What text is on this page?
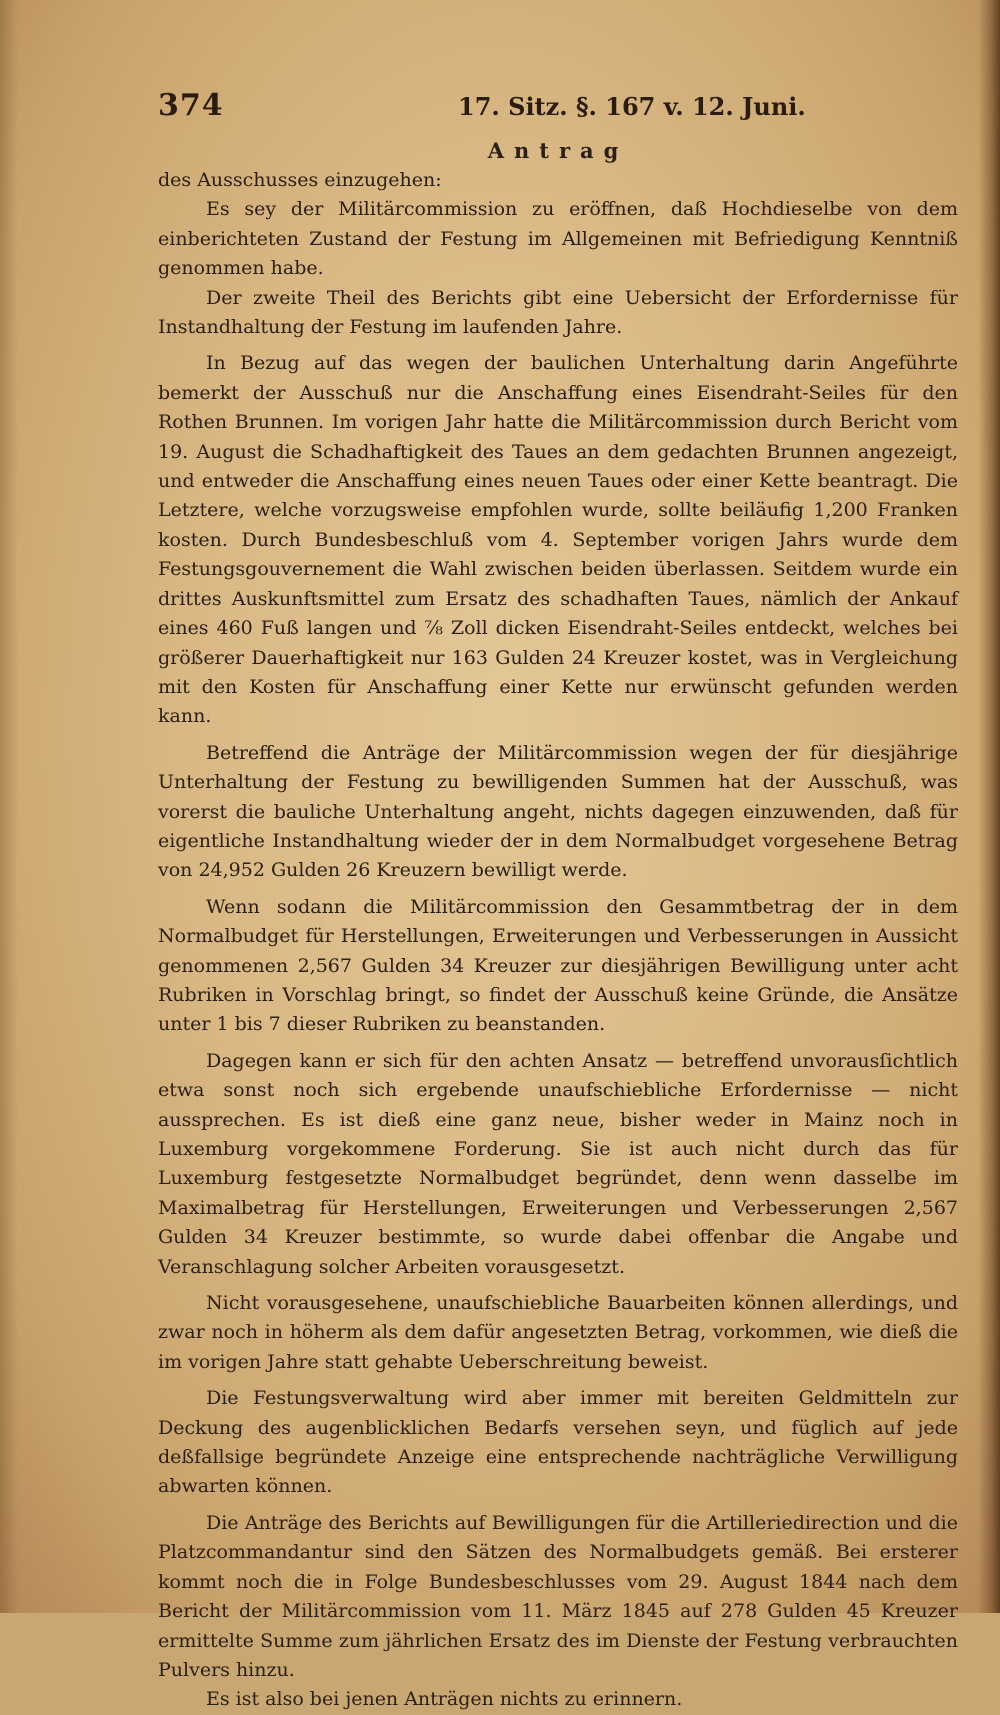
374	17. Sitz. §. 167 v. 12. Juni.
Antrag

des Ausschusses einzugehen:

Es sey der Militärcommission zu eröffnen, daß Hochdieselbe von dem einberichteten Zustand der Festung im Allgemeinen mit Befriedigung Kenntniß genommen habe.

Der zweite Theil des Berichts gibt eine Uebersicht der Erfordernisse für Instandhaltung der Festung im laufenden Jahre.

In Bezug auf das wegen der baulichen Unterhaltung darin Angeführte bemerkt der Ausschuß nur die Anschaffung eines Eisendraht-Seiles für den Rothen Brunnen. Im vorigen Jahr hatte die Militärcommission durch Bericht vom 19. August die Schadhaftigkeit des Taues an dem gedachten Brunnen angezeigt, und entweder die Anschaffung eines neuen Taues oder einer Kette beantragt. Die Letztere, welche vorzugsweise empfohlen wurde, sollte beiläufig 1,200 Franken kosten. Durch Bundesbeschluß vom 4. September vorigen Jahrs wurde dem Festungsgouvernement die Wahl zwischen beiden überlassen. Seitdem wurde ein drittes Auskunftsmittel zum Ersatz des schadhaften Taues, nämlich der Ankauf eines 460 Fuß langen und ⅞ Zoll dicken Eisendraht-Seiles entdeckt, welches bei größerer Dauerhaftigkeit nur 163 Gulden 24 Kreuzer kostet, was in Vergleichung mit den Kosten für Anschaffung einer Kette nur erwünscht gefunden werden kann.

Betreffend die Anträge der Militärcommission wegen der für diesjährige Unterhaltung der Festung zu bewilligenden Summen hat der Ausschuß, was vorerst die bauliche Unterhaltung angeht, nichts dagegen einzuwenden, daß für eigentliche Instandhaltung wieder der in dem Normalbudget vorgesehene Betrag von 24,952 Gulden 26 Kreuzern bewilligt werde.

Wenn sodann die Militärcommission den Gesammtbetrag der in dem Normalbudget für Herstellungen, Erweiterungen und Verbesserungen in Aussicht genommenen 2,567 Gulden 34 Kreuzer zur diesjährigen Bewilligung unter acht Rubriken in Vorschlag bringt, so findet der Ausschuß keine Gründe, die Ansätze unter 1 bis 7 dieser Rubriken zu beanstanden.

Dagegen kann er sich für den achten Ansatz — betreffend unvorausſichtlich etwa sonst noch sich ergebende unaufschiebliche Erfordernisse — nicht aussprechen. Es ist dieß eine ganz neue, bisher weder in Mainz noch in Luxemburg vorgekommene Forderung. Sie ist auch nicht durch das für Luxemburg festgesetzte Normalbudget begründet, denn wenn dasselbe im Maximalbetrag für Herstellungen, Erweiterungen und Verbesserungen 2,567 Gulden 34 Kreuzer bestimmte, so wurde dabei offenbar die Angabe und Veranschlagung solcher Arbeiten vorausgesetzt.

Nicht vorausgesehene, unaufschiebliche Bauarbeiten können allerdings, und zwar noch in höherm als dem dafür angesetzten Betrag, vorkommen, wie dieß die im vorigen Jahre statt gehabte Ueberschreitung beweist.

Die Festungsverwaltung wird aber immer mit bereiten Geldmitteln zur Deckung des augenblicklichen Bedarfs versehen seyn, und füglich auf jede deßfallsige begründete Anzeige eine entsprechende nachträgliche Verwilligung abwarten können.

Die Anträge des Berichts auf Bewilligungen für die Artilleriedirection und die Platzcommandantur sind den Sätzen des Normalbudgets gemäß. Bei ersterer kommt noch die in Folge Bundesbeschlusses vom 29. August 1844 nach dem Bericht der Militärcommission vom 11. März 1845 auf 278 Gulden 45 Kreuzer ermittelte Summe zum jährlichen Ersatz des im Dienste der Festung verbrauchten Pulvers hinzu.

Es ist also bei jenen Anträgen nichts zu erinnern.
